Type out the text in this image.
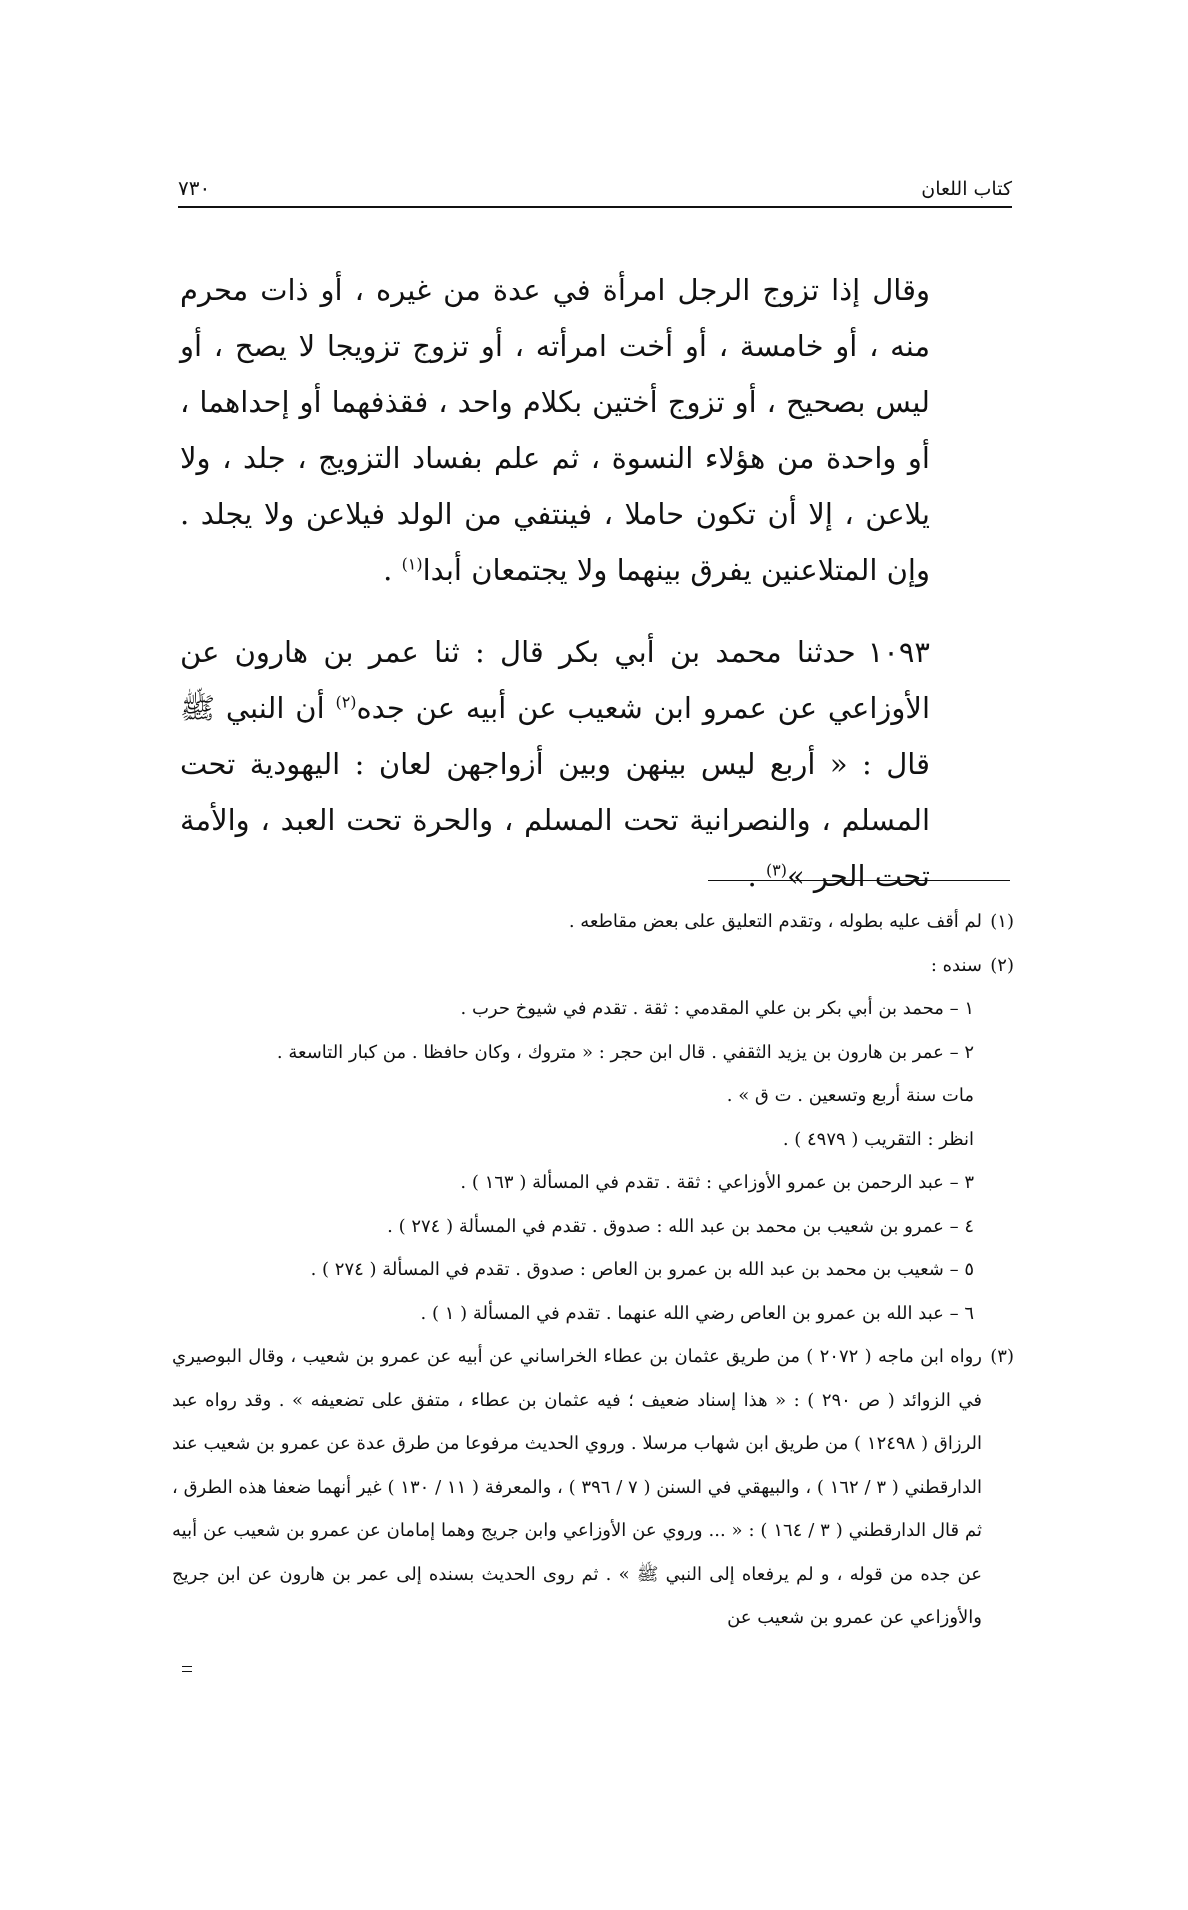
٧٣٠	كتاب اللعان

وقال إذا تزوج الرجل امرأة في عدة من غيره ، أو ذات محرم منه ، أو خامسة ، أو أخت امرأته ، أو تزوج تزويجا لا يصح ، أو ليس بصحيح ، أو تزوج أختين بكلام واحد ، فقذفهما أو إحداهما ، أو واحدة من هؤلاء النسوة ، ثم علم بفساد التزويج ، جلد ، ولا يلاعن ، إلا أن تكون حاملا ، فينتفي من الولد فيلاعن ولا يجلد . وإن المتلاعنين يفرق بينهما ولا يجتمعان أبدا$^{(١)}$ .

١٠٩٣حدثنا محمد بن أبي بكر قال : ثنا عمر بن هارون عن الأوزاعي عن عمرو ابن شعيب عن أبيه عن جده$^{(٢)}$ أن النبي ﷺ قال : « أربع ليس بينهن وبين أزواجهن لعان : اليهودية تحت المسلم ، والنصرانية تحت المسلم ، والحرة تحت العبد ، والأمة تحت الحر »$^{(٣)}$ .

(١)لم أقف عليه بطوله ، وتقدم التعليق على بعض مقاطعه .

(٢)سنده :

١ – محمد بن أبي بكر بن علي المقدمي : ثقة . تقدم في شيوخ حرب .

٢ – عمر بن هارون بن يزيد الثقفي . قال ابن حجر : « متروك ، وكان حافظا . من كبار التاسعة .

مات سنة أربع وتسعين . ت ق » .

انظر : التقريب ( ٤٩٧٩ ) .

٣ – عبد الرحمن بن عمرو الأوزاعي : ثقة . تقدم في المسألة ( ١٦٣ ) .

٤ – عمرو بن شعيب بن محمد بن عبد الله : صدوق . تقدم في المسألة ( ٢٧٤ ) .

٥ – شعيب بن محمد بن عبد الله بن عمرو بن العاص : صدوق . تقدم في المسألة ( ٢٧٤ ) .

٦ – عبد الله بن عمرو بن العاص رضي الله عنهما . تقدم في المسألة ( ١ ) .

(٣)رواه ابن ماجه ( ٢٠٧٢ ) من طريق عثمان بن عطاء الخراساني عن أبيه عن عمرو بن شعيب ، وقال البوصيري في الزوائد ( ص ٢٩٠ ) : « هذا إسناد ضعيف ؛ فيه عثمان بن عطاء ، متفق على تضعيفه » . وقد رواه عبد الرزاق ( ١٢٤٩٨ ) من طريق ابن شهاب مرسلا . وروي الحديث مرفوعا من طرق عدة عن عمرو بن شعيب عند الدارقطني ( ٣ / ١٦٢ ) ، والبيهقي في السنن ( ٧ / ٣٩٦ ) ، والمعرفة ( ١١ / ١٣٠ ) غير أنهما ضعفا هذه الطرق ، ثم قال الدارقطني ( ٣ / ١٦٤ ) : « ... وروي عن الأوزاعي وابن جريج وهما إمامان عن عمرو بن شعيب عن أبيه عن جده من قوله ، و لم يرفعاه إلى النبي ﷺ » . ثم روى الحديث بسنده إلى عمر بن هارون عن ابن جريج والأوزاعي عن عمرو بن شعيب عن
